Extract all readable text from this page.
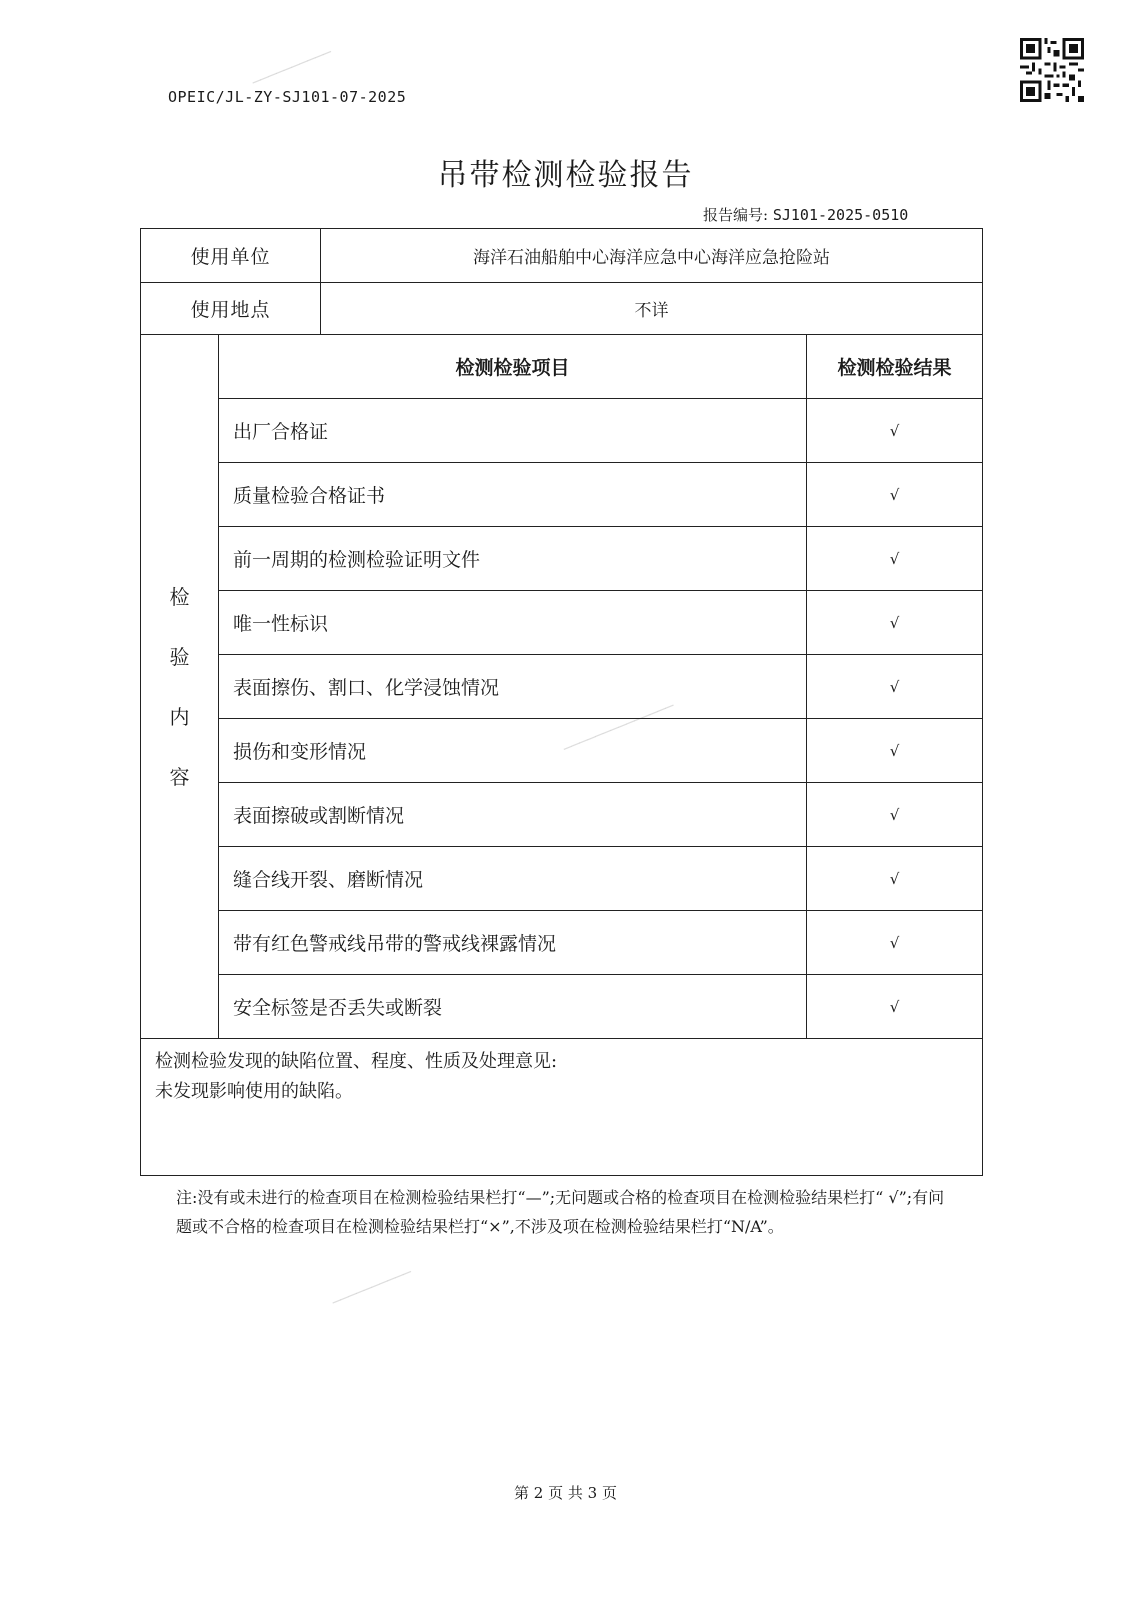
──────────
──────────────
──────────
OPEIC/JL-ZY-SJ101-07-2025
吊带检测检验报告
报告编号: SJ101-2025-0510
使用单位		海洋石油船舶中心海洋应急中心海洋应急抢险站	
使用地点		不详	

检
验
内
容	检测检验项目		检测检验结果
	出厂合格证		√
	质量检验合格证书		√
	前一周期的检测检验证明文件		√
	唯一性标识		√
	表面擦伤、割口、化学浸蚀情况		√
	损伤和变形情况		√
	表面擦破或割断情况		√
	缝合线开裂、磨断情况		√
	带有红色警戒线吊带的警戒线裸露情况		√
	安全标签是否丢失或断裂		√

检测检验发现的缺陷位置、程度、性质及处理意见:
未发现影响使用的缺陷。			
注:没有或未进行的检查项目在检测检验结果栏打“—”;无问题或合格的检查项目在检测检验结果栏打“ √”;有问题或不合格的检查项目在检测检验结果栏打“×”,不涉及项在检测检验结果栏打“N/A”。
第 2 页 共 3 页
